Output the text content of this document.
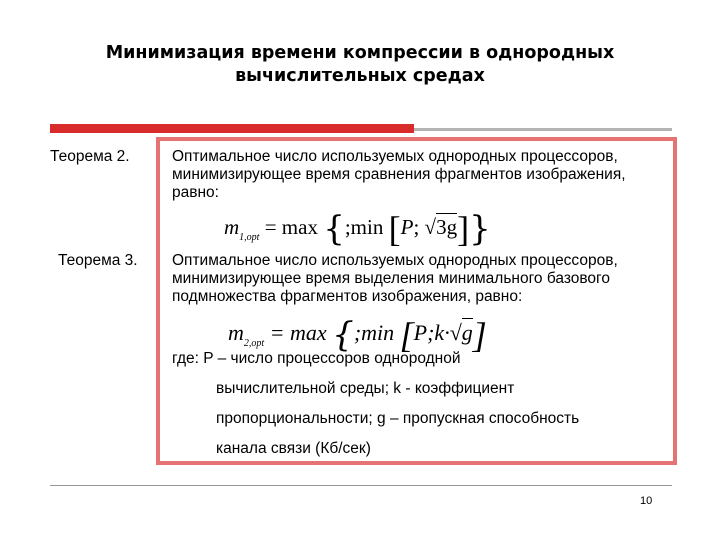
Минимизация времени компрессии в однородных
вычислительных средах
Теорема 2.	Оптимальное число используемых однородных процессоров,
минимизирующее время сравнения фрагментов изображения,
равно:
$m_{1,opt} = \max$ {;min [P; √3g]}
Теорема 3. Оптимальное число используемых однородных процессоров,
минимизирующее время выделения минимального базового
подмножества фрагментов изображения, равно:
$m_{2,opt} = \max$ {;min [P;k·√g]
где: P – число процессоров однородной
вычислительной среды; k - коэффициент
пропорциональности; g – пропускная способность
канала связи (Кб/сек)
10
